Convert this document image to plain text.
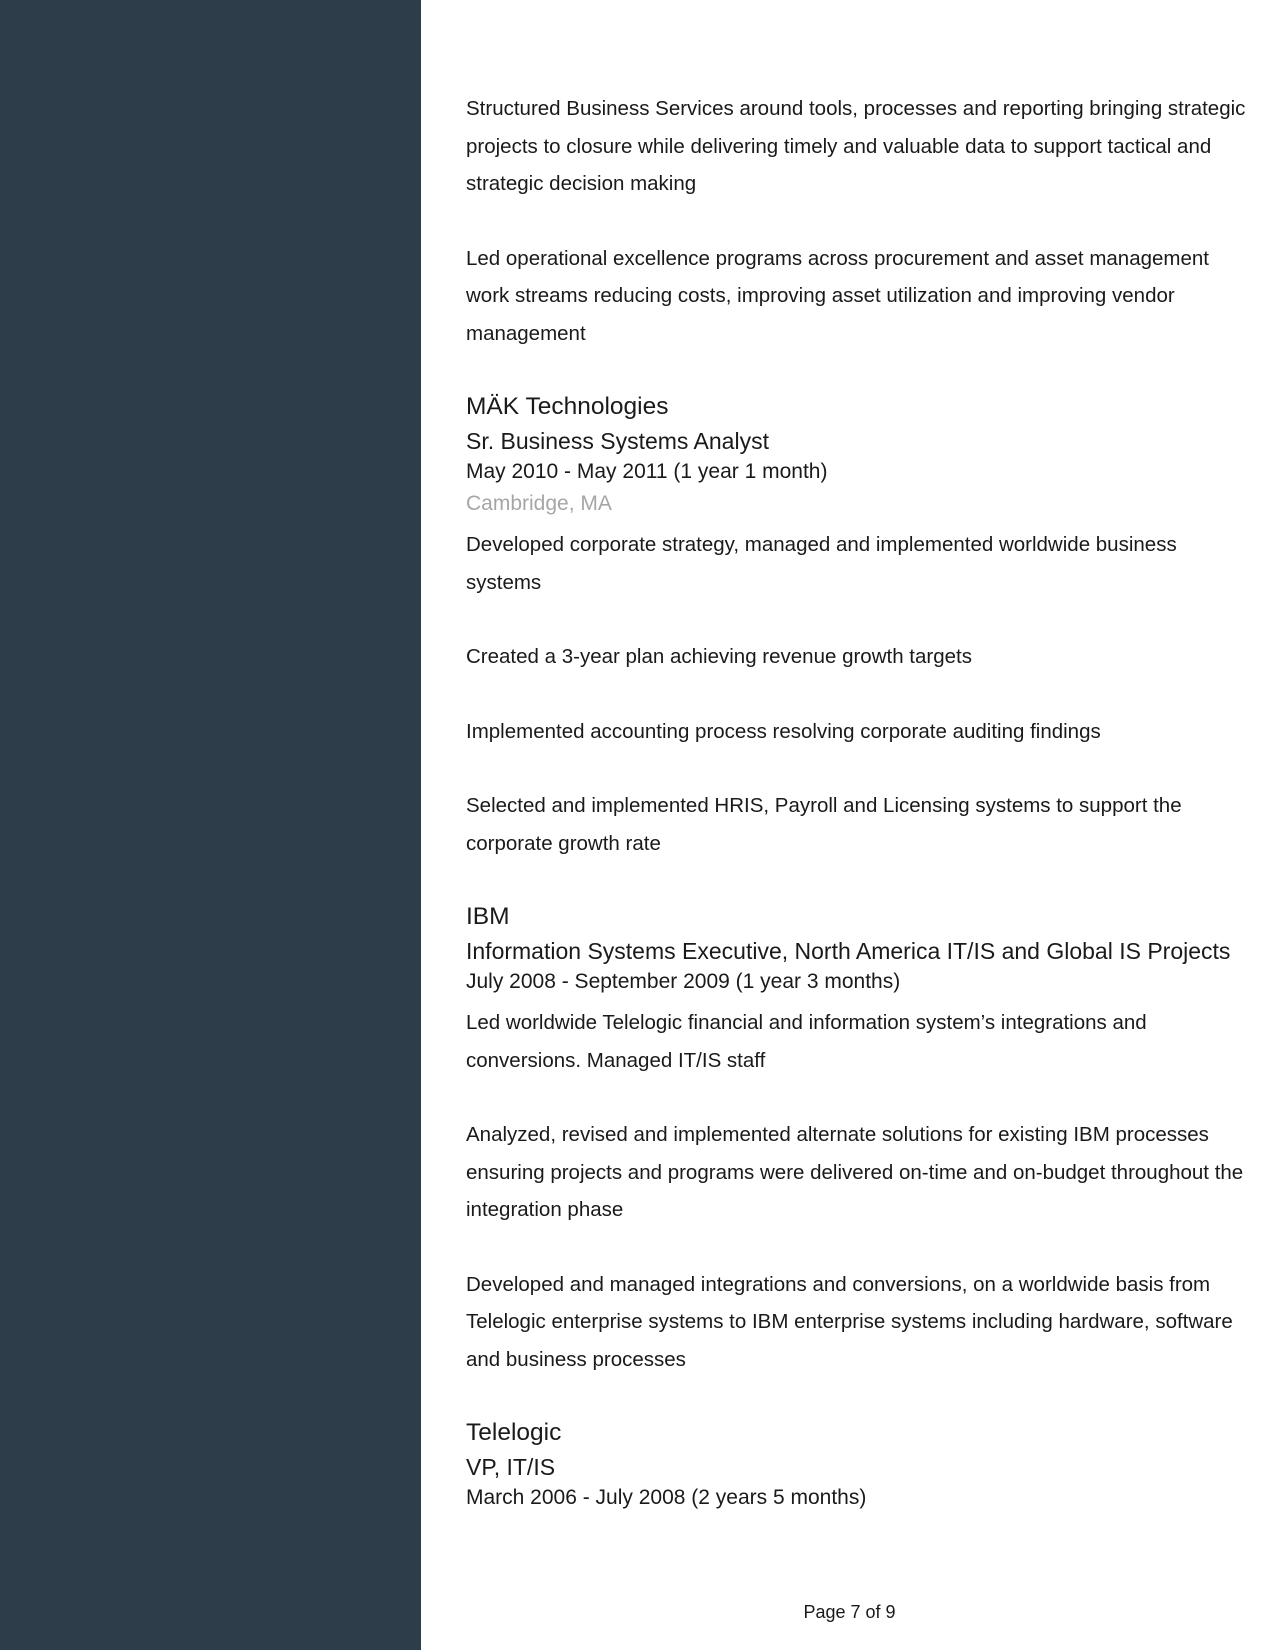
Structured Business Services around tools, processes and reporting bringing strategic projects to closure while delivering timely and valuable data to support tactical and strategic decision making

Led operational excellence programs across procurement and asset management work streams reducing costs, improving asset utilization and improving vendor management

MÄK Technologies

Sr. Business Systems Analyst

May 2010 - May 2011 (1 year 1 month)

Cambridge, MA

Developed corporate strategy, managed and implemented worldwide business systems

Created a 3-year plan achieving revenue growth targets

Implemented accounting process resolving corporate auditing findings

Selected and implemented HRIS, Payroll and Licensing systems to support the corporate growth rate

IBM

Information Systems Executive, North America IT/IS and Global IS Projects

July 2008 - September 2009 (1 year 3 months)

Led worldwide Telelogic financial and information system’s integrations and conversions. Managed IT/IS staff

Analyzed, revised and implemented alternate solutions for existing IBM processes ensuring projects and programs were delivered on-time and on-budget throughout the integration phase

Developed and managed integrations and conversions, on a worldwide basis from Telelogic enterprise systems to IBM enterprise systems including hardware, software and business processes

Telelogic

VP, IT/IS

March 2006 - July 2008 (2 years 5 months)

Page 7 of 9
